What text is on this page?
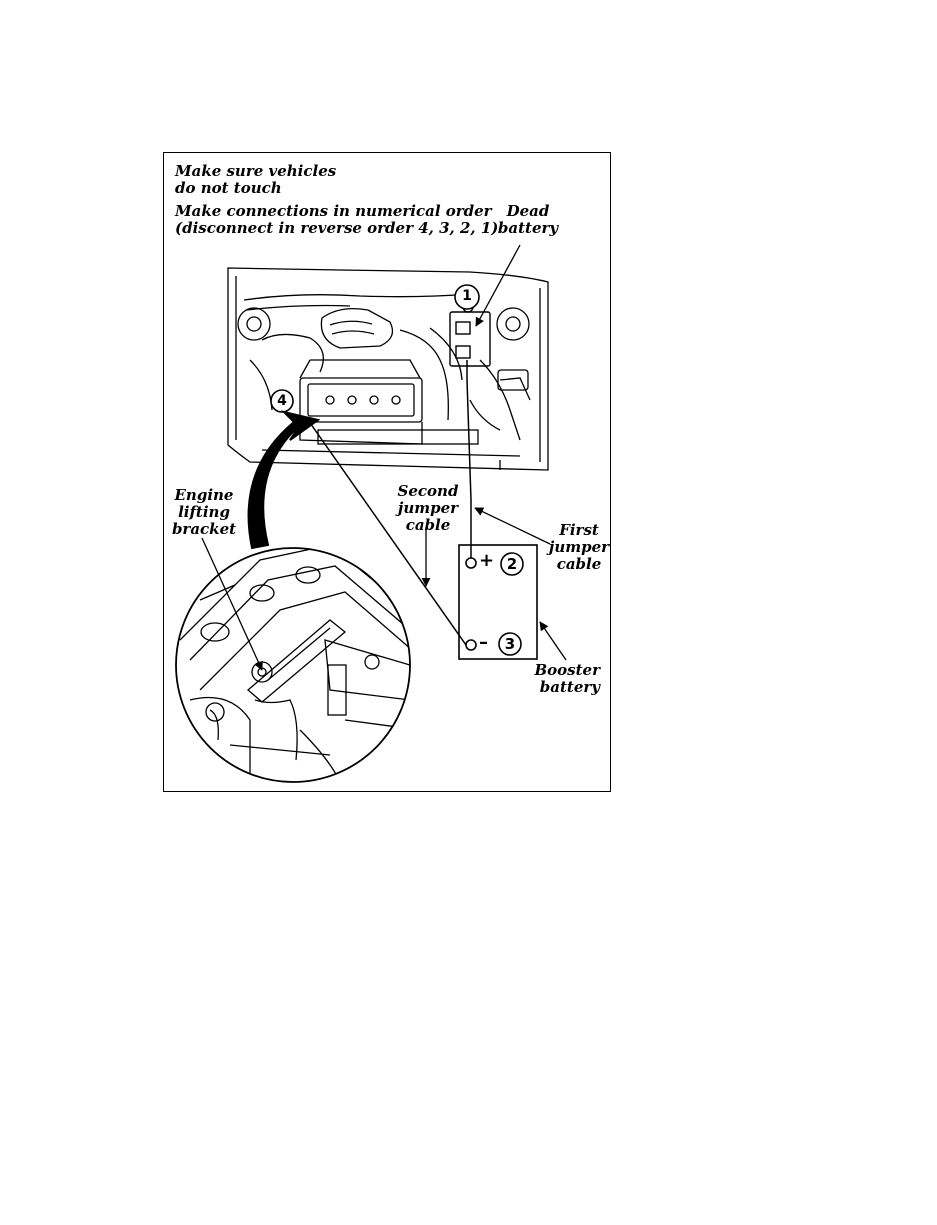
1
4
2
3
+
–
Make sure vehicles
do not touch
Make connections in numerical order
(disconnect in reverse order 4, 3, 2, 1)
Dead
battery
Engine
lifting
bracket
Second
jumper
cable	First
jumper
cable
Booster
battery
